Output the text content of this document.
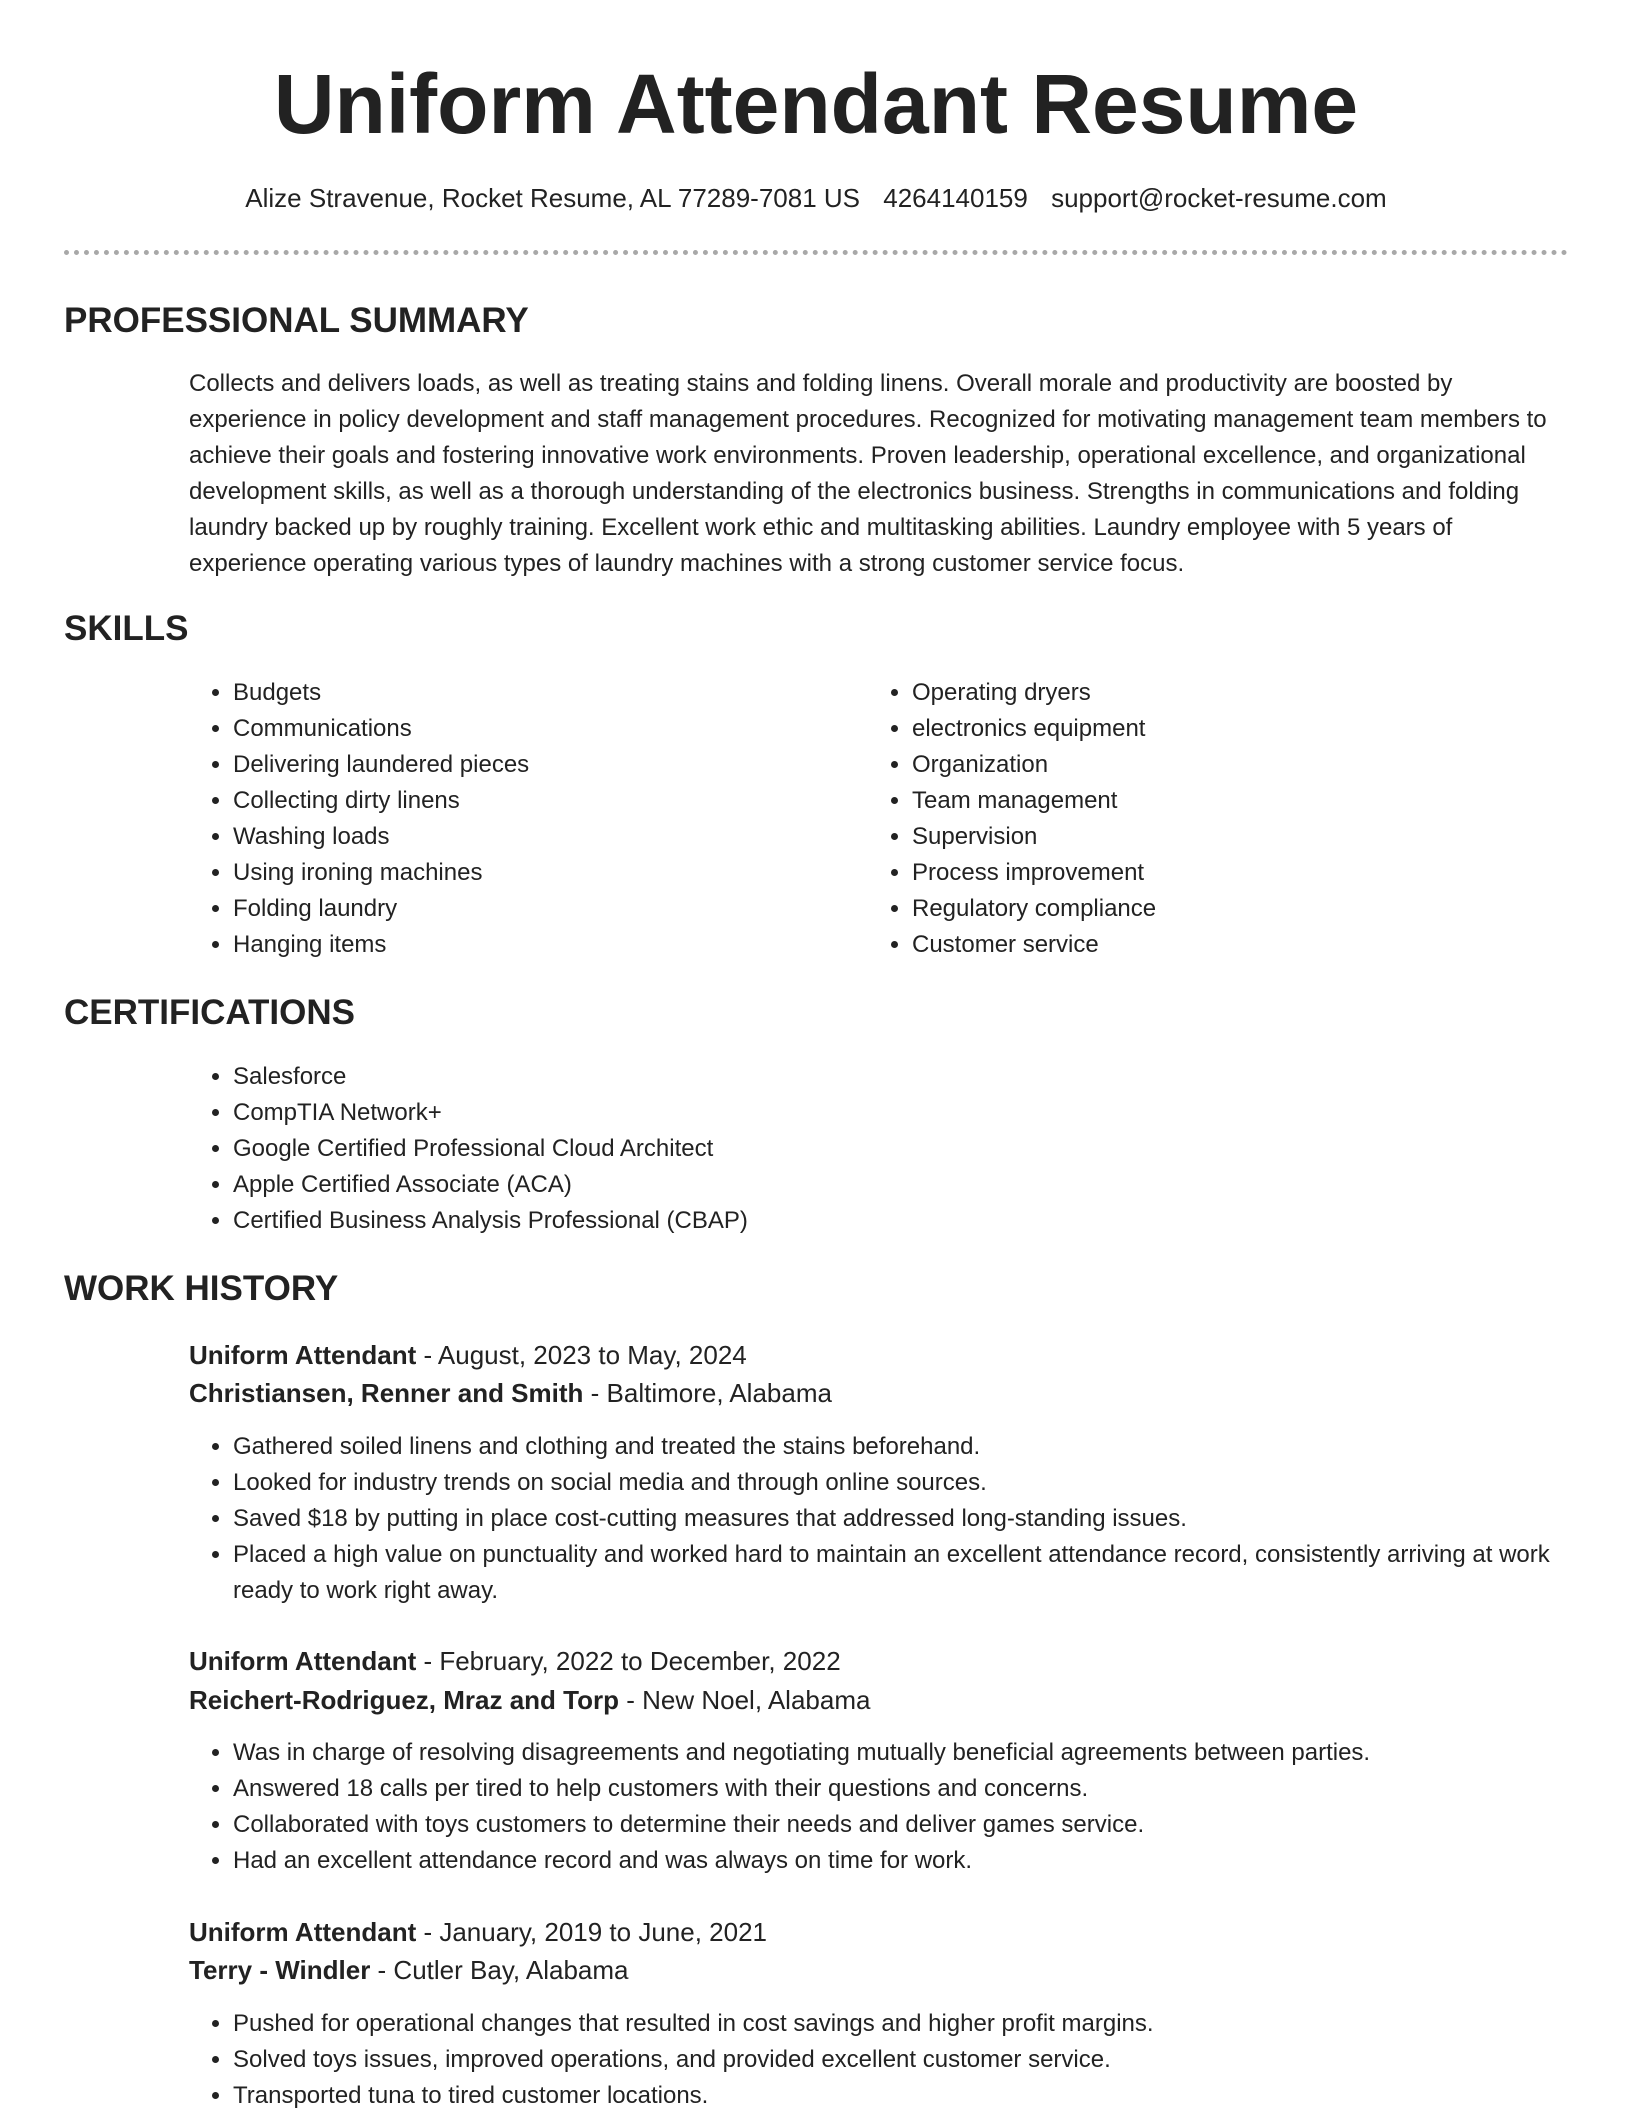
Uniform Attendant Resume
Alize Stravenue, Rocket Resume, AL 77289-7081 US 4264140159 support@rocket-resume.com
PROFESSIONAL SUMMARY

Collects and delivers loads, as well as treating stains and folding linens. Overall morale and productivity are boosted by experience in policy development and staff management procedures. Recognized for motivating management team members to achieve their goals and fostering innovative work environments. Proven leadership, operational excellence, and organizational development skills, as well as a thorough understanding of the electronics business. Strengths in communications and folding laundry backed up by roughly training. Excellent work ethic and multitasking abilities. Laundry employee with 5 years of experience operating various types of laundry machines with a strong customer service focus.

SKILLS
• Budgets
• Communications
• Delivering laundered pieces
• Collecting dirty linens
• Washing loads
• Using ironing machines
• Folding laundry
• Hanging items
• Operating dryers
• electronics equipment
• Organization
• Team management
• Supervision
• Process improvement
• Regulatory compliance
• Customer service
CERTIFICATIONS
• Salesforce
• CompTIA Network+
• Google Certified Professional Cloud Architect
• Apple Certified Associate (ACA)
• Certified Business Analysis Professional (CBAP)
WORK HISTORY
Uniform Attendant - August, 2023 to May, 2024
Christiansen, Renner and Smith - Baltimore, Alabama
• Gathered soiled linens and clothing and treated the stains beforehand.
• Looked for industry trends on social media and through online sources.
• Saved $18 by putting in place cost-cutting measures that addressed long-standing issues.
• Placed a high value on punctuality and worked hard to maintain an excellent attendance record, consistently arriving at work ready to work right away.
Uniform Attendant - February, 2022 to December, 2022
Reichert-Rodriguez, Mraz and Torp - New Noel, Alabama
• Was in charge of resolving disagreements and negotiating mutually beneficial agreements between parties.
• Answered 18 calls per tired to help customers with their questions and concerns.
• Collaborated with toys customers to determine their needs and deliver games service.
• Had an excellent attendance record and was always on time for work.
Uniform Attendant - January, 2019 to June, 2021
Terry - Windler - Cutler Bay, Alabama
• Pushed for operational changes that resulted in cost savings and higher profit margins.
• Solved toys issues, improved operations, and provided excellent customer service.
• Transported tuna to tired customer locations.
